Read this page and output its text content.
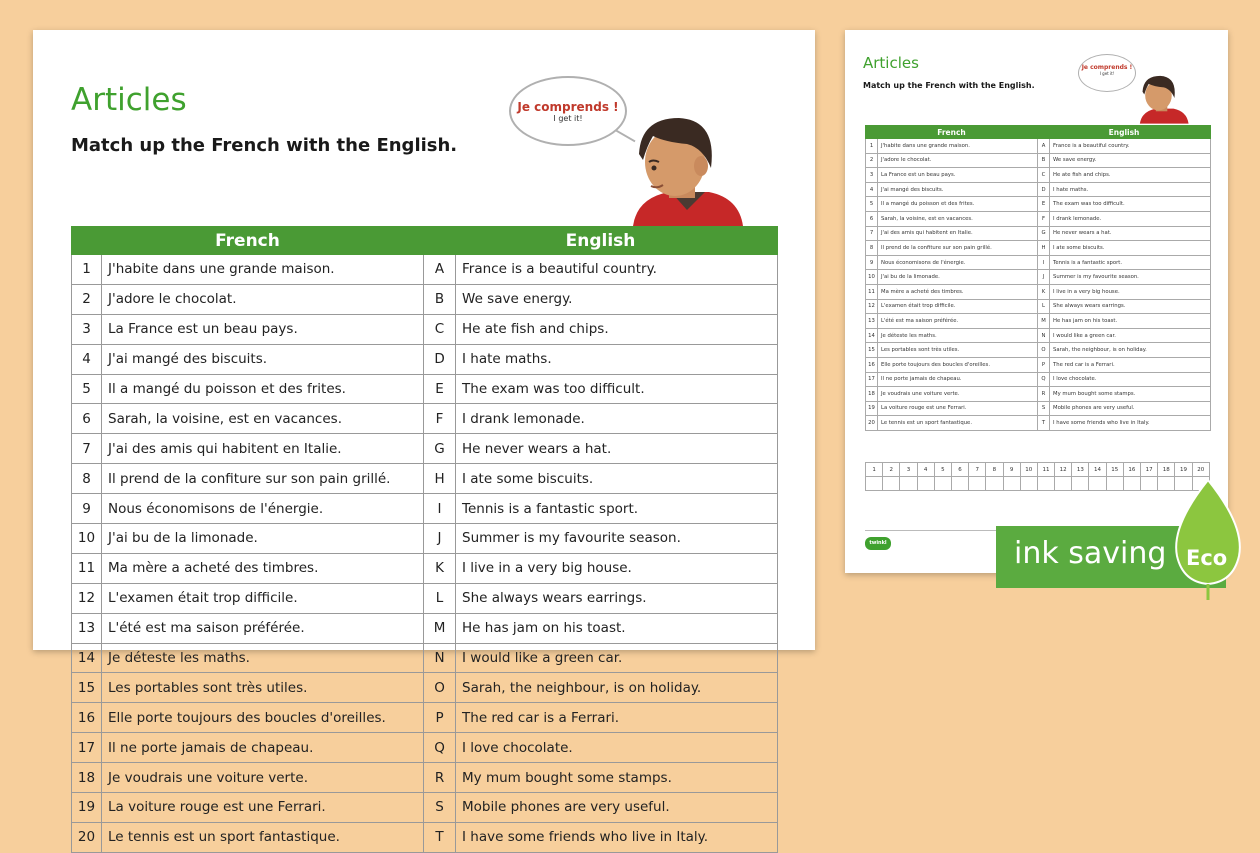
Articles
Match up the French with the English.
Je comprends !
I get it!
French		English	
1	J'habite dans une grande maison.	A	France is a beautiful country.
2	J'adore le chocolat.	B	We save energy.
3	La France est un beau pays.	C	He ate fish and chips.
4	J'ai mangé des biscuits.	D	I hate maths.
5	Il a mangé du poisson et des frites.	E	The exam was too difficult.
6	Sarah, la voisine, est en vacances.	F	I drank lemonade.
7	J'ai des amis qui habitent en Italie.	G	He never wears a hat.
8	Il prend de la confiture sur son pain grillé.	H	I ate some biscuits.
9	Nous économisons de l'énergie.	I	Tennis is a fantastic sport.
10	J'ai bu de la limonade.	J	Summer is my favourite season.
11	Ma mère a acheté des timbres.	K	I live in a very big house.
12	L'examen était trop difficile.	L	She always wears earrings.
13	L'été est ma saison préférée.	M	He has jam on his toast.
14	Je déteste les maths.	N	I would like a green car.
15	Les portables sont très utiles.	O	Sarah, the neighbour, is on holiday.
16	Elle porte toujours des boucles d'oreilles.	P	The red car is a Ferrari.
17	Il ne porte jamais de chapeau.	Q	I love chocolate.
18	Je voudrais une voiture verte.	R	My mum bought some stamps.
19	La voiture rouge est une Ferrari.	S	Mobile phones are very useful.
20	Le tennis est un sport fantastique.	T	I have some friends who live in Italy.
Articles
Match up the French with the English.
Je comprends !
I get it!
French		English	
1	J'habite dans une grande maison.	A	France is a beautiful country.
2	J'adore le chocolat.	B	We save energy.
3	La France est un beau pays.	C	He ate fish and chips.
4	J'ai mangé des biscuits.	D	I hate maths.
5	Il a mangé du poisson et des frites.	E	The exam was too difficult.
6	Sarah, la voisine, est en vacances.	F	I drank lemonade.
7	J'ai des amis qui habitent en Italie.	G	He never wears a hat.
8	Il prend de la confiture sur son pain grillé.	H	I ate some biscuits.
9	Nous économisons de l'énergie.	I	Tennis is a fantastic sport.
10	J'ai bu de la limonade.	J	Summer is my favourite season.
11	Ma mère a acheté des timbres.	K	I live in a very big house.
12	L'examen était trop difficile.	L	She always wears earrings.
13	L'été est ma saison préférée.	M	He has jam on his toast.
14	Je déteste les maths.	N	I would like a green car.
15	Les portables sont très utiles.	O	Sarah, the neighbour, is on holiday.
16	Elle porte toujours des boucles d'oreilles.	P	The red car is a Ferrari.
17	Il ne porte jamais de chapeau.	Q	I love chocolate.
18	Je voudrais une voiture verte.	R	My mum bought some stamps.
19	La voiture rouge est une Ferrari.	S	Mobile phones are very useful.
20	Le tennis est un sport fantastique.	T	I have some friends who live in Italy.
1	2	3	4	5	6	7	8	9	10	11	12	13	14	15	16	17	18	19	20

twinkl	ink saving Eco
